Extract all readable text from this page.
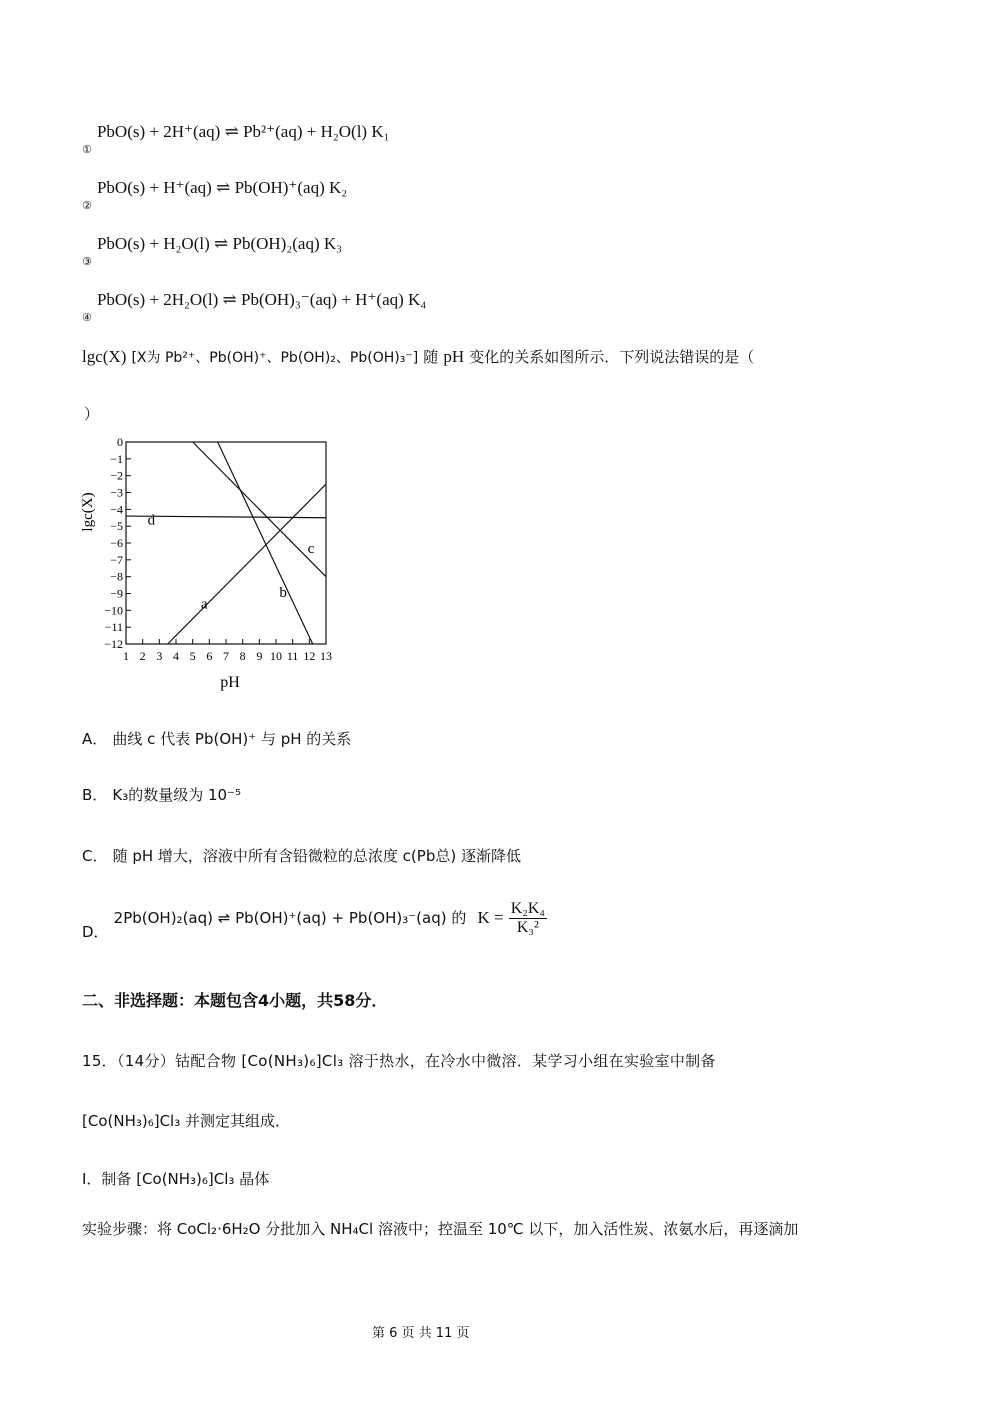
$_①$ PbO(s) + 2H⁺(aq) ⇌ Pb²⁺(aq) + H₂O(l) K₁
$_②$ PbO(s) + H⁺(aq) ⇌ Pb(OH)⁺(aq) K₂
$_③$ PbO(s) + H₂O(l) ⇌ Pb(OH)₂(aq) K₃
$_④$ PbO(s) + 2H₂O(l) ⇌ Pb(OH)₃⁻(aq) + H⁺(aq) K₄
lgc(X) [X为 Pb²⁺、Pb(OH)⁺、Pb(OH)₂、Pb(OH)₃⁻] 随 pH 变化的关系如图所示．下列说法错误的是（
）
0
−1
−2
−3
−4
−5
−6
−7
−8
−9
−10
−11
−12
1 2 3 4 5 6 7 8 9 10 11 12 13
a
b
c
d
pH
lgc(X)
A． 曲线 c 代表 Pb(OH)⁺ 与 pH 的关系
B． K₃的数量级为 10⁻⁵
C． 随 pH 增大，溶液中所有含铅微粒的总浓度 c(Pb总) 逐渐降低
D． 2Pb(OH)₂(aq) ⇌ Pb(OH)⁺(aq) + Pb(OH)₃⁻(aq) 的 $K = \frac{\text{K₂K₄}}{\text{K₃²}}$
二、非选择题：本题包含4小题，共58分．
15．（14分）钴配合物 [Co(NH₃)₆]Cl₃ 溶于热水，在冷水中微溶．某学习小组在实验室中制备
[Co(NH₃)₆]Cl₃ 并测定其组成．
I．制备 [Co(NH₃)₆]Cl₃ 晶体
实验步骤：将 CoCl₂·6H₂O 分批加入 NH₄Cl 溶液中；控温至 10℃ 以下，加入活性炭、浓氨水后，再逐滴加
第 6 页 共 11 页
